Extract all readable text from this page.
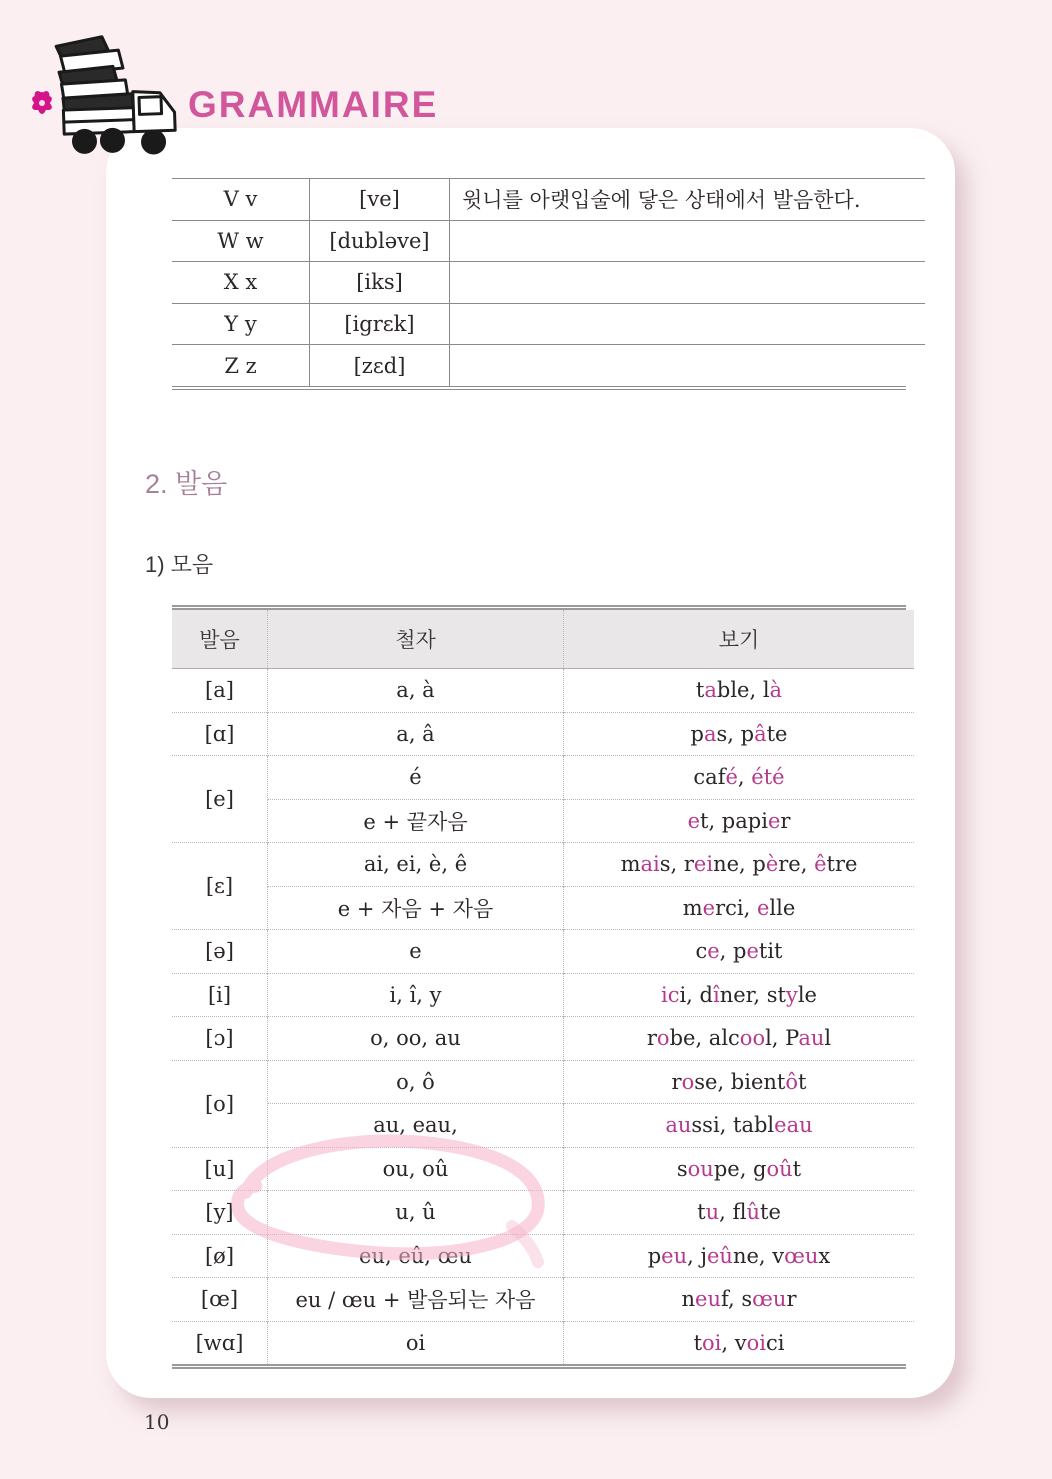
GRAMMAIRE
V v	[ve]	윗니를 아랫입술에 닿은 상태에서 발음한다.
W w	[dubləve]	
X x	[iks]	
Y y	[igrɛk]	
Z z	[zɛd]	
2. 발음
1) 모음
발음	철자	보기
[a]	a, à	table, là
[ɑ]	a, â	pas, pâte
[e]	é	café, été
	e + 끝자음	et, papier
[ɛ]	ai, ei, è, ê	mais, reine, père, être
	e + 자음 + 자음	merci, elle
[ə]	e	ce, petit
[i]	i, î, y	ici, dîner, style
[ɔ]	o, oo, au	robe, alcool, Paul
[o]	o, ô	rose, bientôt
	au, eau,	aussi, tableau
[u]	ou, oû	soupe, goût
[y]	u, û	tu, flûte
[ø]	eu, eû, œu	peu, jeûne, vœux
[œ]	eu / œu + 발음되는 자음	neuf, sœur
[wɑ]	oi	toi, voici
10
